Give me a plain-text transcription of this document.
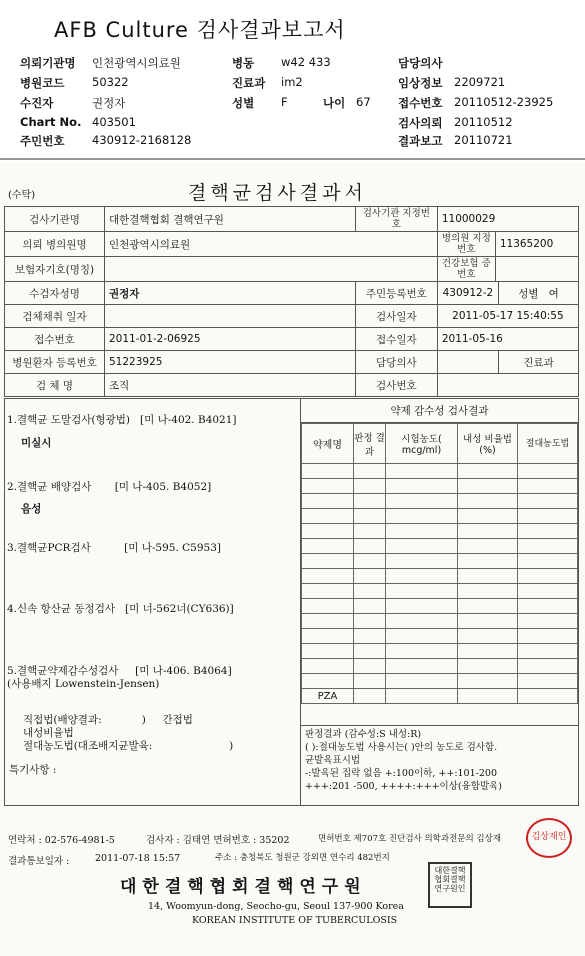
AFB Culture 검사결과보고서
의뢰기관명 인천광역시의료원	병동 w42 433	담당의사
병원코드 50322	진료과 im2	임상정보 2209721
수진자	권정자	성별 F	나이 67 접수번호 20110512-23925
Chart No. 403501	검사의뢰 20110512
주민번호 430912-2168128	결과보고 20110721
(수탁)	결핵균검사결과서
검사기관명	대한결핵협회 결핵연구원	검사기관 지정번호	11000029		
의뢰 병의원명	인천광역시의료원		병의원 지정번호	11365200	
보험자기호(명칭)			건강보험 증번호		
수검자성명	권정자	주민등록번호	430912-2		성별 여
검체채취 일자		검사일자	2011-05-17 15:40:55		
접수번호	2011-01-2-06925	접수일자	2011-05-16		
병원환자 등록번호	51223925	담당의사			진료과
검 체 명	조직	검사번호			
1.결핵균 도말검사(형광법) [미 나-402. B4021]
미실시
2.결핵균 배양검사 [미 나-405. B4052]
음성
3.결핵균PCR검사	[미 나-595. C5953]
4.신속 항산균 동정검사 [미 너-562너(CY636)]
5.결핵균약제감수성검사 [미 나-406. B4064]
(사용배지 Lowenstein-Jensen)
직접법(배양결과:	) 간접법
내성비율법
절대농도법(대조배지균발육:	)
특기사항 :
약제 감수성 검사결과
약제명	판정 결과	시험농도( mcg/ml)	내성 비율법(%)	절대농도법

PZA				
판정결과 (감수성:S 내성:R)
( ):절대농도법 사용시는( )안의 농도로 검사함.
균발육표시법
-:발육된 집락 없음 +:100이하, ++:101-200
+++:201 -500, ++++:+++이상(융합발육)
연락처 : 02-576-4981-5	검사자 : 김태연 면허번호 : 35202	면허번호 제707호 진단검사 의학과전문의 김상재
결과통보일자 :	2011-07-18 15:57	주소 : 충청북도 청원군 강외면 연수리 482번지
대한결핵협회결핵연구원
14, Woomyun-dong, Seocho-gu, Seoul 137-900 Korea
KOREAN INSTITUTE OF TUBERCULOSIS
김상재인
대한결핵협회결핵연구원인
